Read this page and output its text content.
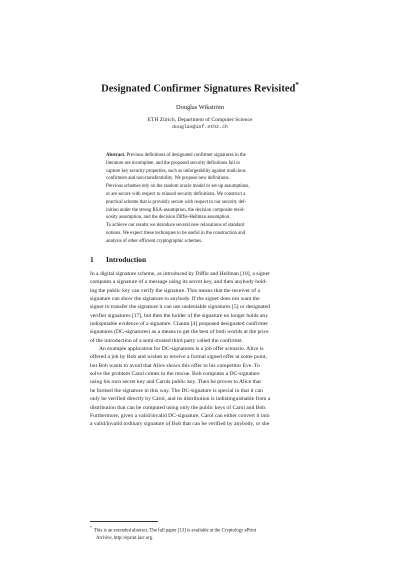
Designated Confirmer Signatures Revisited*
Douglas Wikström
ETH Zürich, Department of Computer Science
douglas@inf.ethz.ch

Abstract. Previous definitions of designated confirmer signatures in the
literature are incomplete, and the proposed security definitions fail to
capture key security properties, such as unforgeability against malicious
confirmers and non-transferability. We propose new definitions.

Previous schemes rely on the random oracle model or set-up assumptions,
or are secure with respect to relaxed security definitions. We construct a
practical scheme that is provably secure with respect to our security def-
inition under the strong RSA-assumption, the decision composite resid-
uosity assumption, and the decision Diffie-Hellman assumption.

To achieve our results we introduce several new relaxations of standard
notions. We expect these techniques to be useful in the construction and
analysis of other efficient cryptographic schemes.

1 Introduction

In a digital signature scheme, as introduced by Diffie and Hellman [10], a signer
computes a signature of a message using its secret key, and then anybody hold-
ing the public key can verify the signature. This means that the receiver of a
signature can show the signature to anybody. If the signer does not want the
signer to transfer the signature it can use undeniable signatures [5] or designated
verifier signatures [17], but then the holder of the signature no longer holds any
indisputable evidence of a signature. Chaum [4] proposed designated confirmer
signatures (DC-signatures) as a means to get the best of both worlds at the price
of the introduction of a semi-trusted third party called the confirmer.

An example application for DC-signatures is a job offer scenario. Alice is
offered a job by Bob and wishes to receive a formal signed offer at some point,
but Bob wants to avoid that Alice shows this offer to his competitor Eve. To
solve the problem Carol comes to the rescue. Bob computes a DC-signature
using his own secret key and Carols public key. Then he proves to Alice that
he formed the signature in this way. The DC-signature is special in that it can
only be verified directly by Carol, and its distribution is indistinguishable from a
distribution that can be computed using only the public keys of Carol and Bob.
Furthermore, given a valid/invalid DC-signature, Carol can either convert it into
a valid/invalid ordinary signature of Bob that can be verified by anybody, or she

*This is an extended abstract. The full paper [13] is available at the Cryptology ePrint
Archive, http://eprint.iacr.org.
